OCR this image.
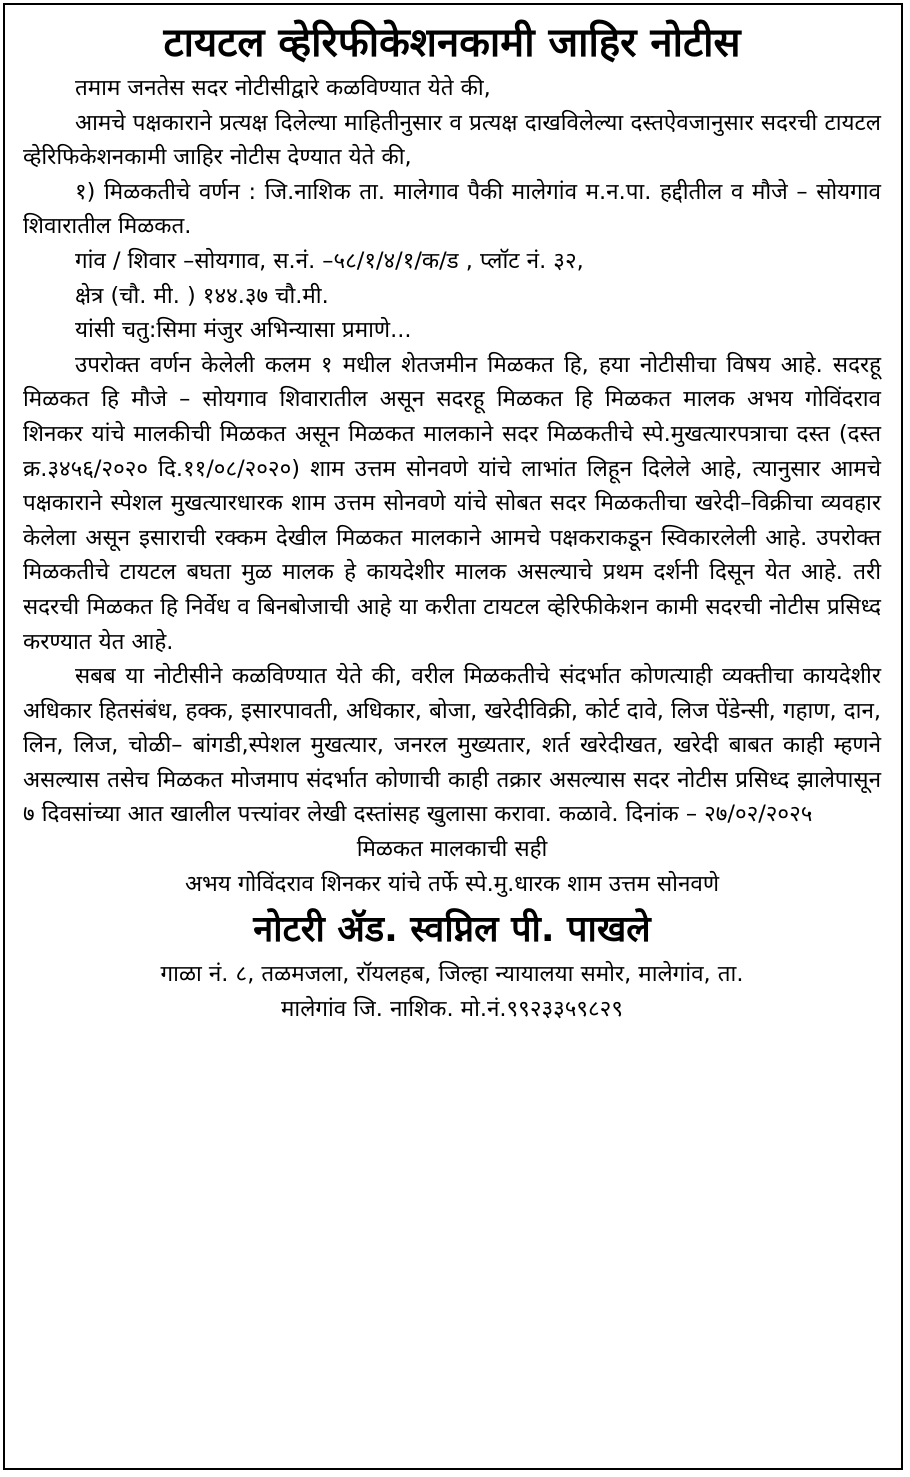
टायटल व्हेरिफीकेशनकामी जाहिर नोटीस

तमाम जनतेस सदर नोटीसीद्वारे कळविण्यात येते की,

आमचे पक्षकाराने प्रत्यक्ष दिलेल्या माहितीनुसार व प्रत्यक्ष दाखविलेल्या दस्तऐवजानुसार सदरची टायटल व्हेरिफिकेशनकामी जाहिर नोटीस देण्यात येते की,

१) मिळकतीचे वर्णन : जि.नाशिक ता. मालेगाव पैकी मालेगांव म.न.पा. हद्दीतील व मौजे – सोयगाव शिवारातील मिळकत.

गांव / शिवार –सोयगाव, स.नं. –५८/१/४/१/क/ड , प्लॉट नं. ३२,

क्षेत्र (चौ. मी. ) १४४.३७ चौ.मी.

यांसी चतु:सिमा मंजुर अभिन्यासा प्रमाणे...

उपरोक्त वर्णन केलेली कलम १ मधील शेतजमीन मिळकत हि, हया नोटीसीचा विषय आहे. सदरहू मिळकत हि मौजे – सोयगाव शिवारातील असून सदरहू मिळकत हि मिळकत मालक अभय गोविंदराव शिनकर यांचे मालकीची मिळकत असून मिळकत मालकाने सदर मिळकतीचे स्पे.मुखत्यारपत्राचा दस्त (दस्त क्र.३४५६/२०२० दि.११/०८/२०२०) शाम उत्तम सोनवणे यांचे लाभांत लिहून दिलेले आहे, त्यानुसार आमचे पक्षकाराने स्पेशल मुखत्यारधारक शाम उत्तम सोनवणे यांचे सोबत सदर मिळकतीचा खरेदी–विक्रीचा व्यवहार केलेला असून इसाराची रक्कम देखील मिळकत मालकाने आमचे पक्षकराकडून स्विकारलेली आहे. उपरोक्त मिळकतीचे टायटल बघता मुळ मालक हे कायदेशीर मालक असल्याचे प्रथम दर्शनी दिसून येत आहे. तरी सदरची मिळकत हि निर्वेध व बिनबोजाची आहे या करीता टायटल व्हेरिफीकेशन कामी सदरची नोटीस प्रसिध्द करण्यात येत आहे.

सबब या नोटीसीने कळविण्यात येते की, वरील मिळकतीचे संदर्भात कोणत्याही व्यक्तीचा कायदेशीर अधिकार हितसंबंध, हक्क, इसारपावती, अधिकार, बोजा, खरेदीविक्री, कोर्ट दावे, लिज पेंडेन्सी, गहाण, दान, लिन, लिज, चोळी– बांगडी,स्पेशल मुखत्यार, जनरल मुख्यतार, शर्त खरेदीखत, खरेदी बाबत काही म्हणने असल्यास तसेच मिळकत मोजमाप संदर्भात कोणाची काही तक्रार असल्यास सदर नोटीस प्रसिध्द झालेपासून ७ दिवसांच्या आत खालील पत्त्यांवर लेखी दस्तांसह खुलासा करावा. कळावे. दिनांक – २७/०२/२०२५

मिळकत मालकाची सही

अभय गोविंदराव शिनकर यांचे तर्फे स्पे.मु.धारक शाम उत्तम सोनवणे

नोटरी ॲड. स्वप्निल पी. पाखले

गाळा नं. ८, तळमजला, रॉयलहब, जिल्हा न्यायालया समोर, मालेगांव, ता.

मालेगांव जि. नाशिक. मो.नं.९९२३३५९८२९
